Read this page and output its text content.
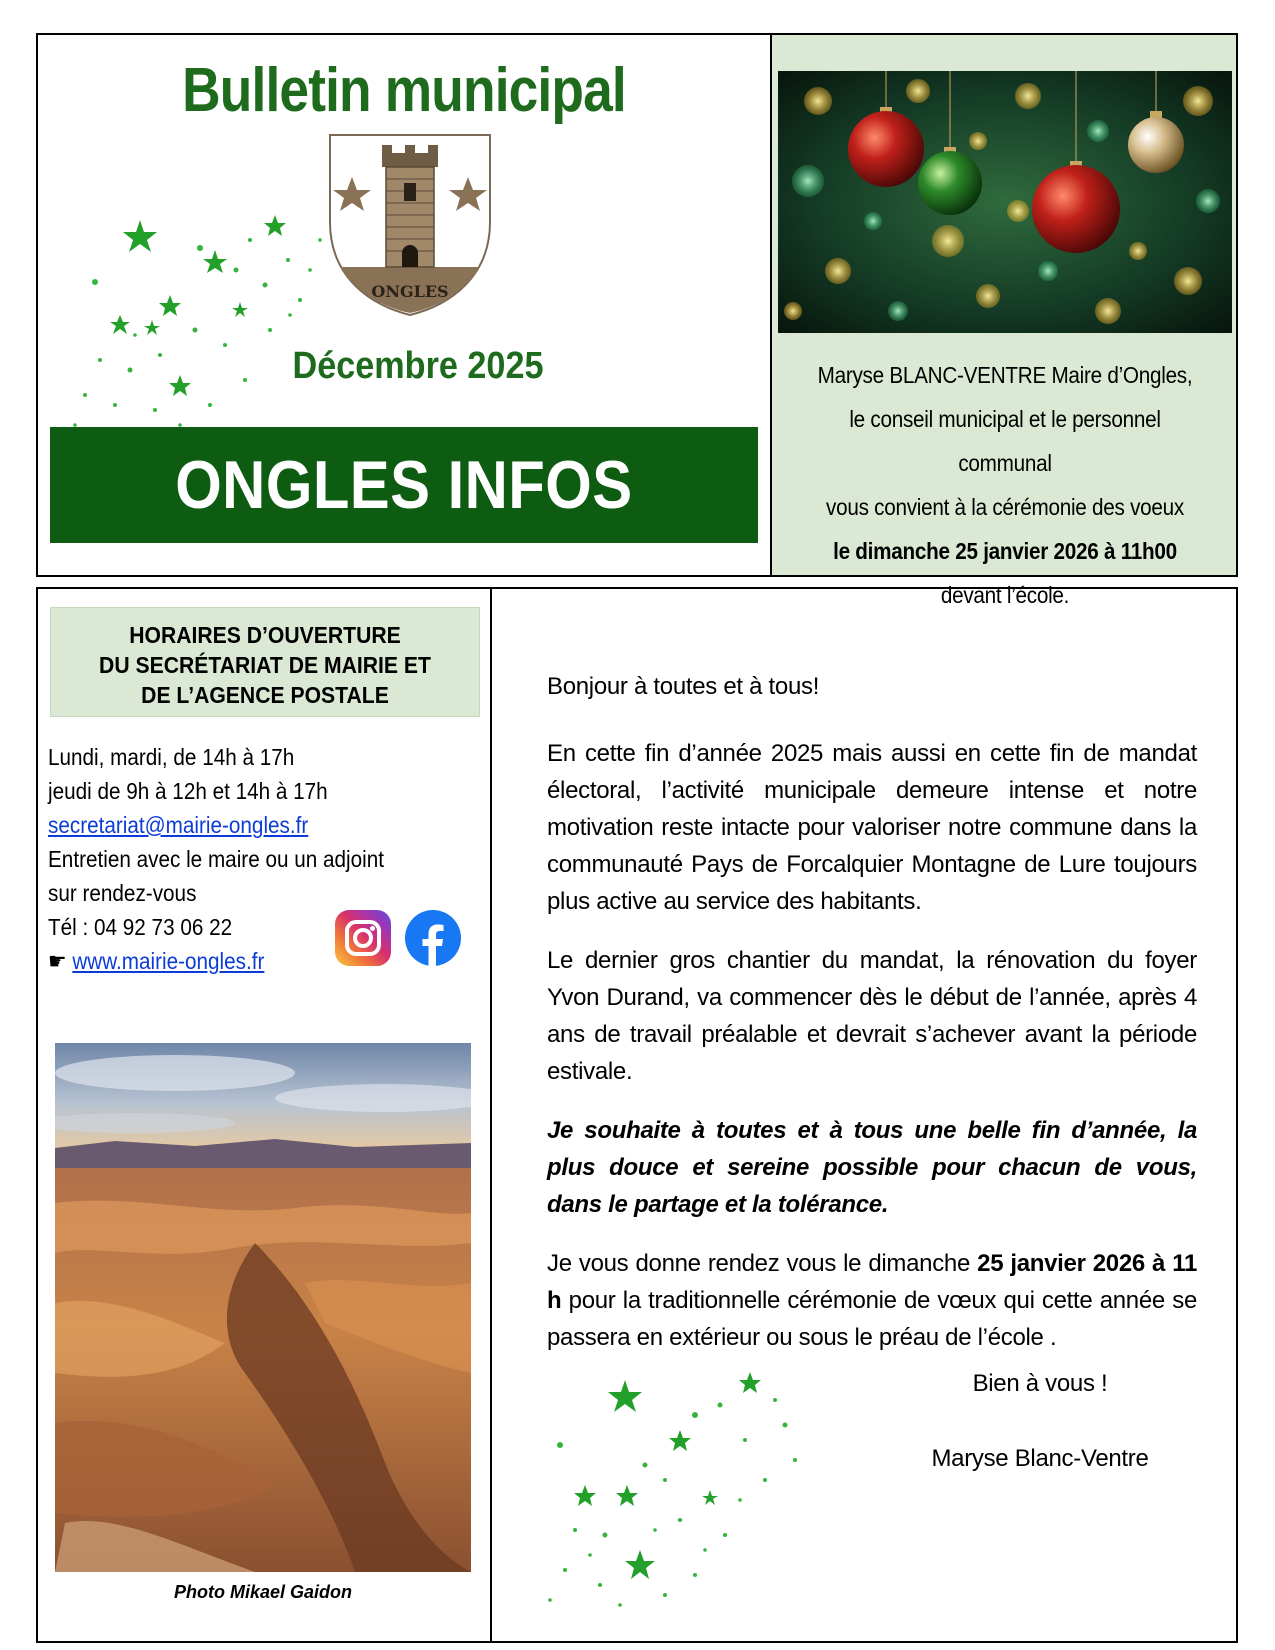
Bulletin municipal
ONGLES
Décembre 2025
ONGLES INFOS
Maryse BLANC-VENTRE Maire d’Ongles,
le conseil municipal et le personnel communal
vous convient à la cérémonie des voeux
le dimanche 25 janvier 2026 à 11h00
devant l’école.
HORAIRES D’OUVERTURE
DU SECRÉTARIAT DE MAIRIE ET
DE L’AGENCE POSTALE
Lundi, mardi, de 14h à 17h
jeudi de 9h à 12h et 14h à 17h
secretariat@mairie-ongles.fr
Entretien avec le maire ou un adjoint
sur rendez-vous
Tél : 04 92 73 06 22
☛ www.mairie-ongles.fr
Photo Mikael Gaidon

Bonjour à toutes et à tous!

En cette fin d’année 2025 mais aussi en cette fin de mandat électoral, l’activité municipale demeure intense et notre motivation reste intacte pour valoriser notre commune dans la communauté Pays de Forcalquier Montagne de Lure toujours plus active au service des habitants.

Le dernier gros chantier du mandat, la rénovation du foyer Yvon Durand, va commencer dès le début de l’année, après 4 ans de travail préalable et devrait s’achever avant la période estivale.

Je souhaite à toutes et à tous une belle fin d’année, la plus douce et sereine possible pour chacun de vous, dans le partage et la tolérance.

Je vous donne rendez vous le dimanche 25 janvier 2026 à 11 h pour la traditionnelle cérémonie de vœux qui cette année se passera en extérieur ou sous le préau de l’école .

Bien à vous !
Maryse Blanc-Ventre
